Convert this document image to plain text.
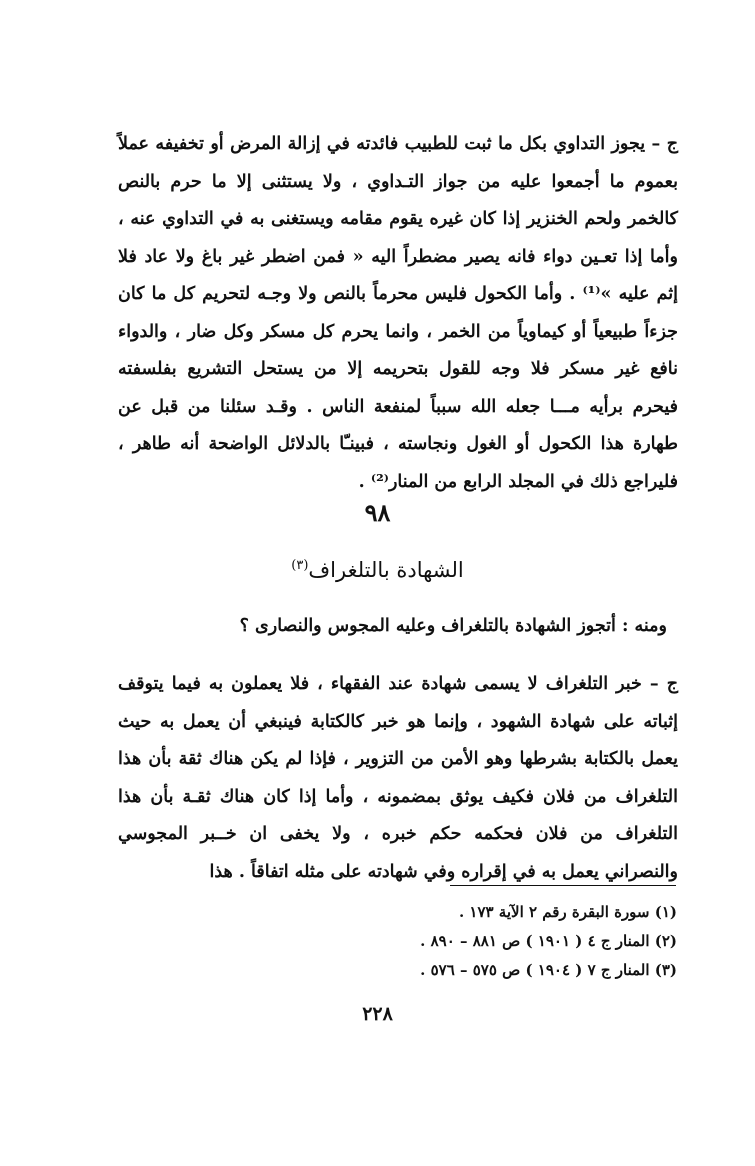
ج – يجوز التداوي بكل ما ثبت للطبيب فائدته في إزالة المرض أو تخفيفه عملاً بعموم ما أجمعوا عليه من جواز التـداوي ، ولا يستثنى إلا ما حرم بالنص كالخمر ولحم الخنزير إذا كان غيره يقوم مقامه ويستغنى به في التداوي عنه ، وأما إذا تعـين دواء فانه يصير مضطراً اليه « فمن اضطر غير باغ ولا عاد فلا إثم عليه »⁽¹⁾ . وأما الكحول فليس محرماً بالنص ولا وجـه لتحريم كل ما كان جزءاً طبيعياً أو كيماوياً من الخمر ، وانما يحرم كل مسكر وكل ضار ، والدواء نافع غير مسكر فلا وجه للقول بتحريمه إلا من يستحل التشريع بفلسفته فيحرم برأيه مـــا جعله الله سبباً لمنفعة الناس . وقـد سئلنا من قبل عن طهارة هذا الكحول أو الغول ونجاسته ، فبينـّا بالدلائل الواضحة أنه طاهر ، فليراجع ذلك في المجلد الرابع من المنار⁽²⁾ .

٩٨
الشهادة بالتلغراف$^{(٣)}$

ومنه : أتجوز الشهادة بالتلغراف وعليه المجوس والنصارى ؟

ج – خبر التلغراف لا يسمى شهادة عند الفقهاء ، فلا يعملون به فيما يتوقف إثباته على شهادة الشهود ، وإنما هو خبر كالكتابة فينبغي أن يعمل به حيث يعمل بالكتابة بشرطها وهو الأمن من التزوير ، فإذا لم يكن هناك ثقة بأن هذا التلغراف من فلان فكيف يوثق بمضمونه ، وأما إذا كان هناك ثقـة بأن هذا التلغراف من فلان فحكمه حكم خبره ، ولا يخفى ان خــبر المجوسي والنصراني يعمل به في إقراره وفي شهادته على مثله اتفاقاً . هذا

(١) سورة البقرة رقم ٢ الآية ١٧٣ .
(٢) المنار ج ٤ ( ١٩٠١ ) ص ٨٨١ – ٨٩٠ .
(٣) المنار ج ٧ ( ١٩٠٤ ) ص ٥٧٥ – ٥٧٦ .
٢٢٨
